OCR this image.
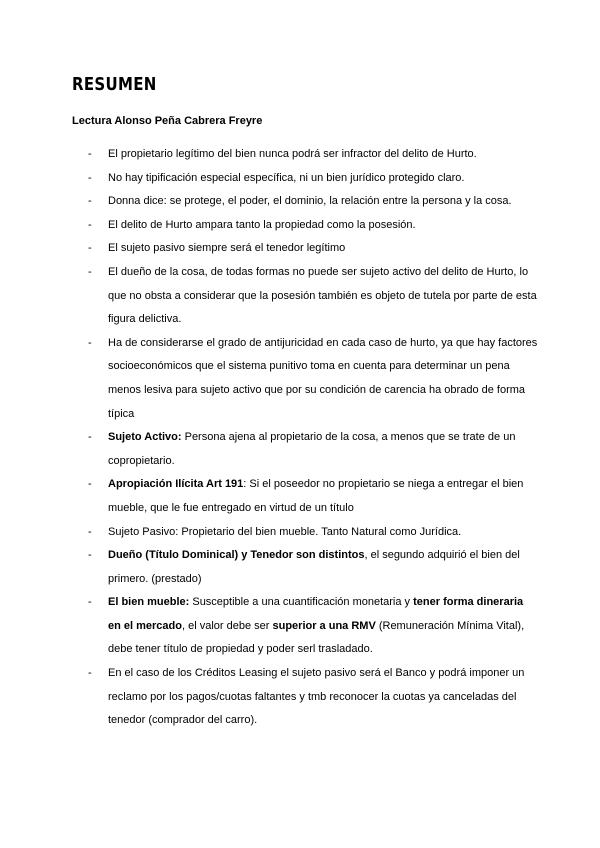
RESUMEN
Lectura Alonso Peña Cabrera Freyre
- El propietario legítimo del bien nunca podrá ser infractor del delito de Hurto.
- No hay tipificación especial específica, ni un bien jurídico protegido claro.
- Donna dice: se protege, el poder, el dominio, la relación entre la persona y la cosa.
- El delito de Hurto ampara tanto la propiedad como la posesión.
- El sujeto pasivo siempre será el tenedor legítimo
- El dueño de la cosa, de todas formas no puede ser sujeto activo del delito de Hurto, lo que no obsta a considerar que la posesión también es objeto de tutela por parte de esta figura delictiva.
- Ha de considerarse el grado de antijuricidad en cada caso de hurto, ya que hay factores socioeconómicos que el sistema punitivo toma en cuenta para determinar un pena menos lesiva para sujeto activo que por su condición de carencia ha obrado de forma típica
- Sujeto Activo: Persona ajena al propietario de la cosa, a menos que se trate de un copropietario.
- Apropiación Ilícita Art 191: Si el poseedor no propietario se niega a entregar el bien mueble, que le fue entregado en virtud de un título
- Sujeto Pasivo: Propietario del bien mueble. Tanto Natural como Jurídica.
- Dueño (Título Dominical) y Tenedor son distintos, el segundo adquirió el bien del primero. (prestado)
- El bien mueble: Susceptible a una cuantificación monetaria y tener forma dineraria en el mercado, el valor debe ser superior a una RMV (Remuneración Mínima Vital), debe tener título de propiedad y poder serl trasladado.
- En el caso de los Créditos Leasing el sujeto pasivo será el Banco y podrá imponer un reclamo por los pagos/cuotas faltantes y tmb reconocer la cuotas ya canceladas del tenedor (comprador del carro).
